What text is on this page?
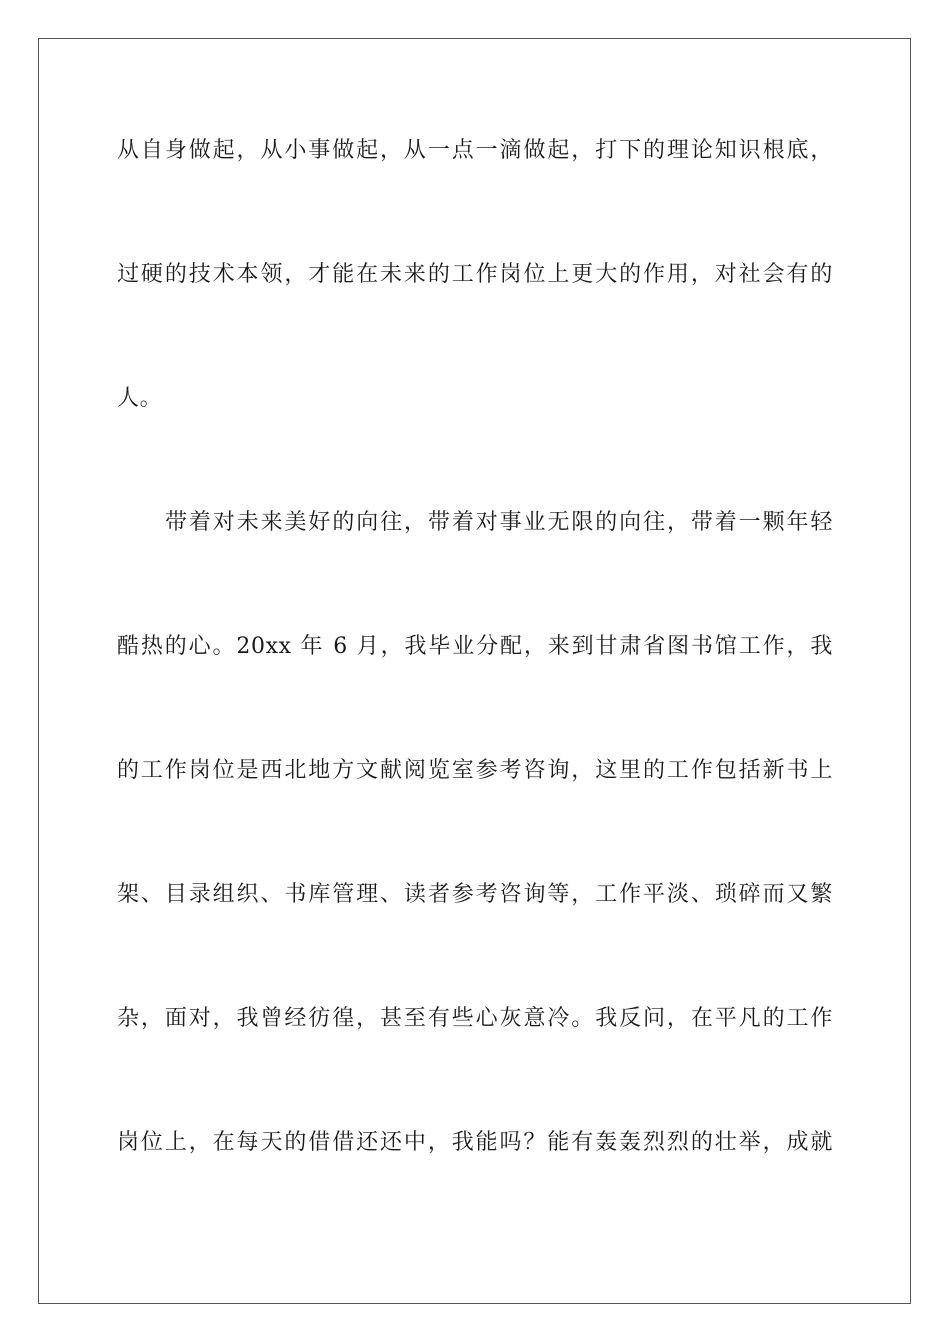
从自身做起，从小事做起，从一点一滴做起，打下的理论知识根底，
过硬的技术本领，才能在未来的工作岗位上更大的作用，对社会有的
人。
带着对未来美好的向往，带着对事业无限的向往，带着一颗年轻
酷热的心。20xx 年 6 月，我毕业分配，来到甘肃省图书馆工作，我
的工作岗位是西北地方文献阅览室参考咨询，这里的工作包括新书上
架、目录组织、书库管理、读者参考咨询等，工作平淡、琐碎而又繁
杂，面对，我曾经彷徨，甚至有些心灰意冷。我反问，在平凡的工作
岗位上，在每天的借借还还中，我能吗？能有轰轰烈烈的壮举，成就
